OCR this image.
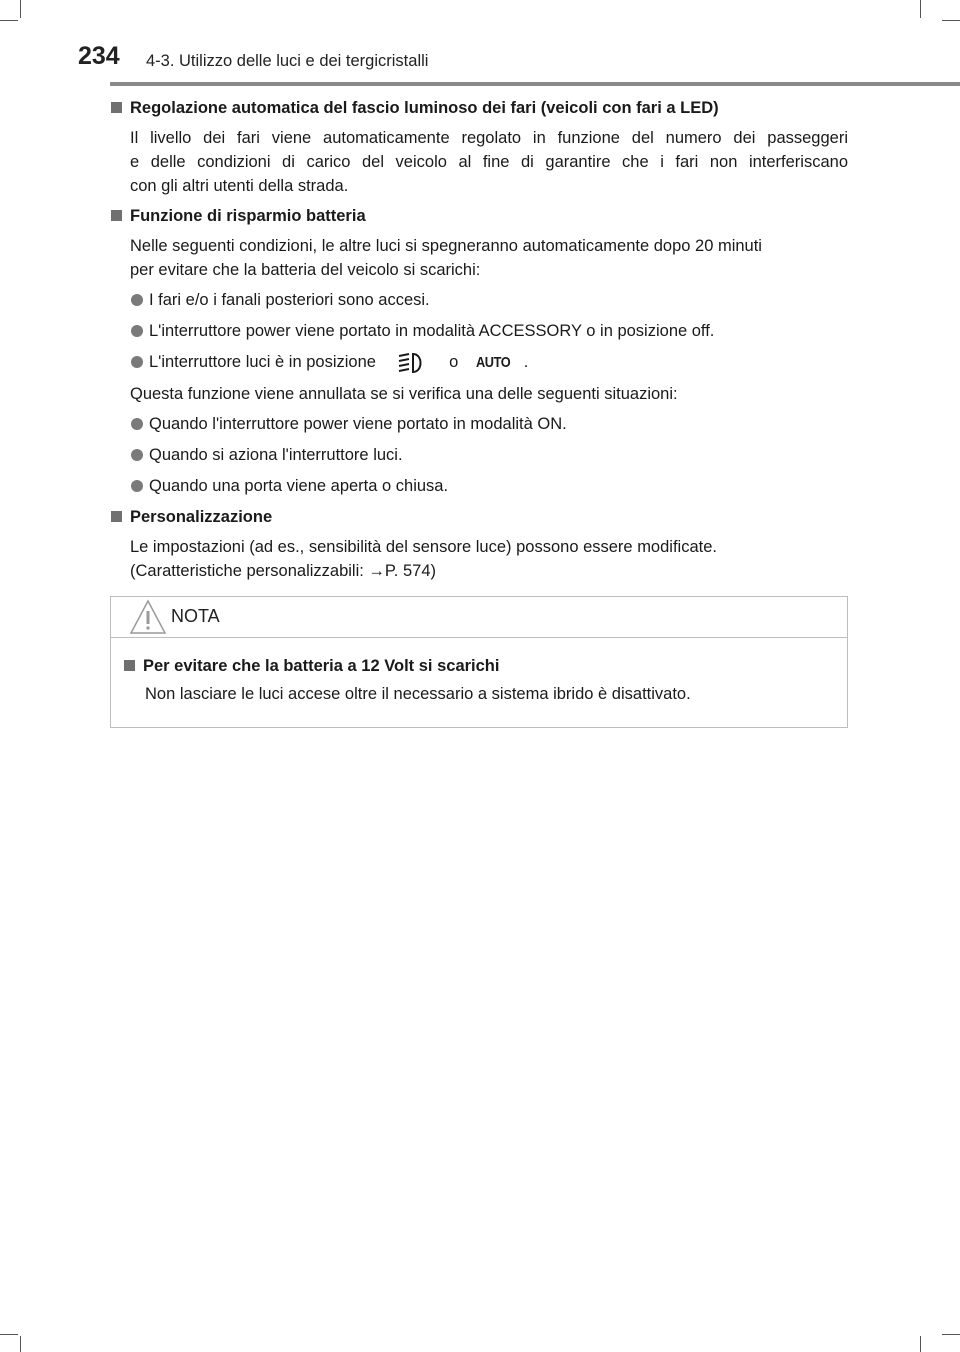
234 4-3. Utilizzo delle luci e dei tergicristalli
Regolazione automatica del fascio luminoso dei fari (veicoli con fari a LED)
Il livello dei fari viene automaticamente regolato in funzione del numero dei passeggeri
e delle condizioni di carico del veicolo al fine di garantire che i fari non interferiscano
con gli altri utenti della strada.
Funzione di risparmio batteria
Nelle seguenti condizioni, le altre luci si spegneranno automaticamente dopo 20 minuti
per evitare che la batteria del veicolo si scarichi:
I fari e/o i fanali posteriori sono accesi.
L'interruttore power viene portato in modalità ACCESSORY o in posizione off.
L'interruttore luci è in posizione	o AUTO .
Questa funzione viene annullata se si verifica una delle seguenti situazioni:
Quando l'interruttore power viene portato in modalità ON.
Quando si aziona l'interruttore luci.
Quando una porta viene aperta o chiusa.
Personalizzazione
Le impostazioni (ad es., sensibilità del sensore luce) possono essere modificate.
(Caratteristiche personalizzabili: →P. 574)
NOTA
Per evitare che la batteria a 12 Volt si scarichi
Non lasciare le luci accese oltre il necessario a sistema ibrido è disattivato.
